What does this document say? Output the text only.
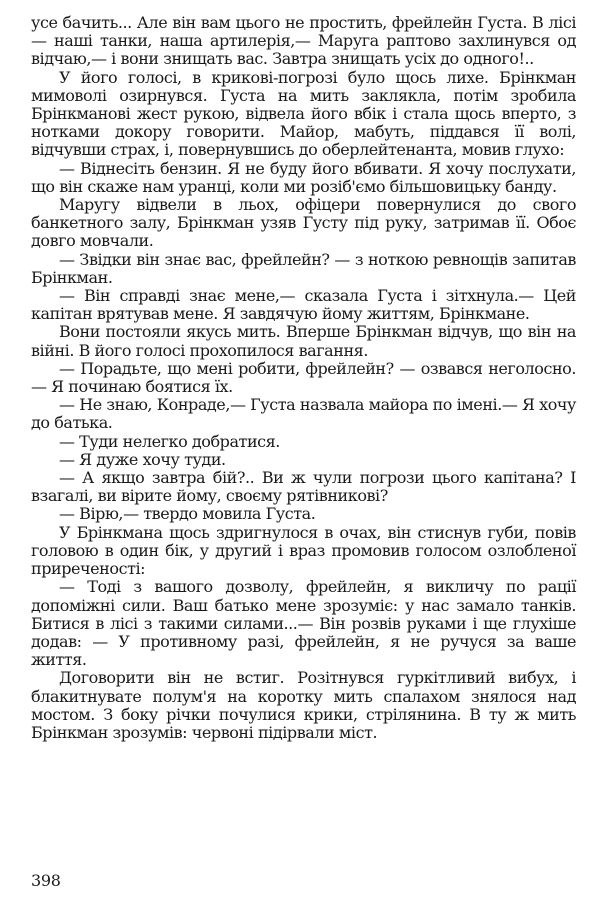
усе бачить... Але він вам цього не простить, фрейлейн Густа. В лісі — наші танки, наша артилерія,— Маруга раптово захлинувся од відчаю,— і вони знищать вас. Завтра знищать усіх до одного!..

У його голосі, в крикові-погрозі було щось лихе. Брінкман мимоволі озирнувся. Густа на мить заклякла, потім зробила Брінкмановi жест рукою, відвела його вбік і стала щось вперто, з нотками докору говорити. Майор, мабуть, піддався її волі, відчувши страх, і, повернувшись до оберлейтенанта, мовив глухо:

— Віднесіть бензин. Я не буду його вбивати. Я хочу послухати, що він скаже нам уранці, коли ми розіб'ємо більшовицьку банду.

Маругу відвели в льох, офіцери повернулися до свого банкетного залу, Брінкман узяв Густу під руку, затримав її. Обоє довго мовчали.

— Звідки він знає вас, фрейлейн? — з ноткою ревнощів запитав Брінкман.

— Він справді знає мене,— сказала Густа і зітхнула.— Цей капітан врятував мене. Я завдячую йому життям, Брінкмане.

Вони постояли якусь мить. Вперше Брінкман відчув, що він на війні. В його голосі прохопилося вагання.

— Порадьте, що мені робити, фрейлейн? — озвався неголосно.— Я починаю боятися їх.

— Не знаю, Конраде,— Густа назвала майора по імені.— Я хочу до батька.

— Туди нелегко добратися.

— Я дуже хочу туди.

— А якщо завтра бій?.. Ви ж чули погрози цього капітана? І взагалі, ви вірите йому, своєму рятівникові?

— Вірю,— твердо мовила Густа.

У Брінкмана щось здригнулося в очах, він стиснув губи, повів головою в один бік, у другий і враз промовив голосом озлобленої прирeченості:

— Тоді з вашого дозволу, фрейлейн, я викличу по рації допоміжні сили. Ваш батько мене зрозуміє: у нас замало танків. Битися в лісі з такими силами...— Він розвів руками і ще глухіше додав: — У противному разі, фрейлейн, я не ручуся за ваше життя.

Договорити він не встиг. Розітнувся гуркітливий вибух, і блакитнувате полум'я на коротку мить спалахом знялося над мостом. З боку річки почулися крики, стрілянина. В ту ж мить Брінкман зрозумів: червоні підірвали міст.

398
